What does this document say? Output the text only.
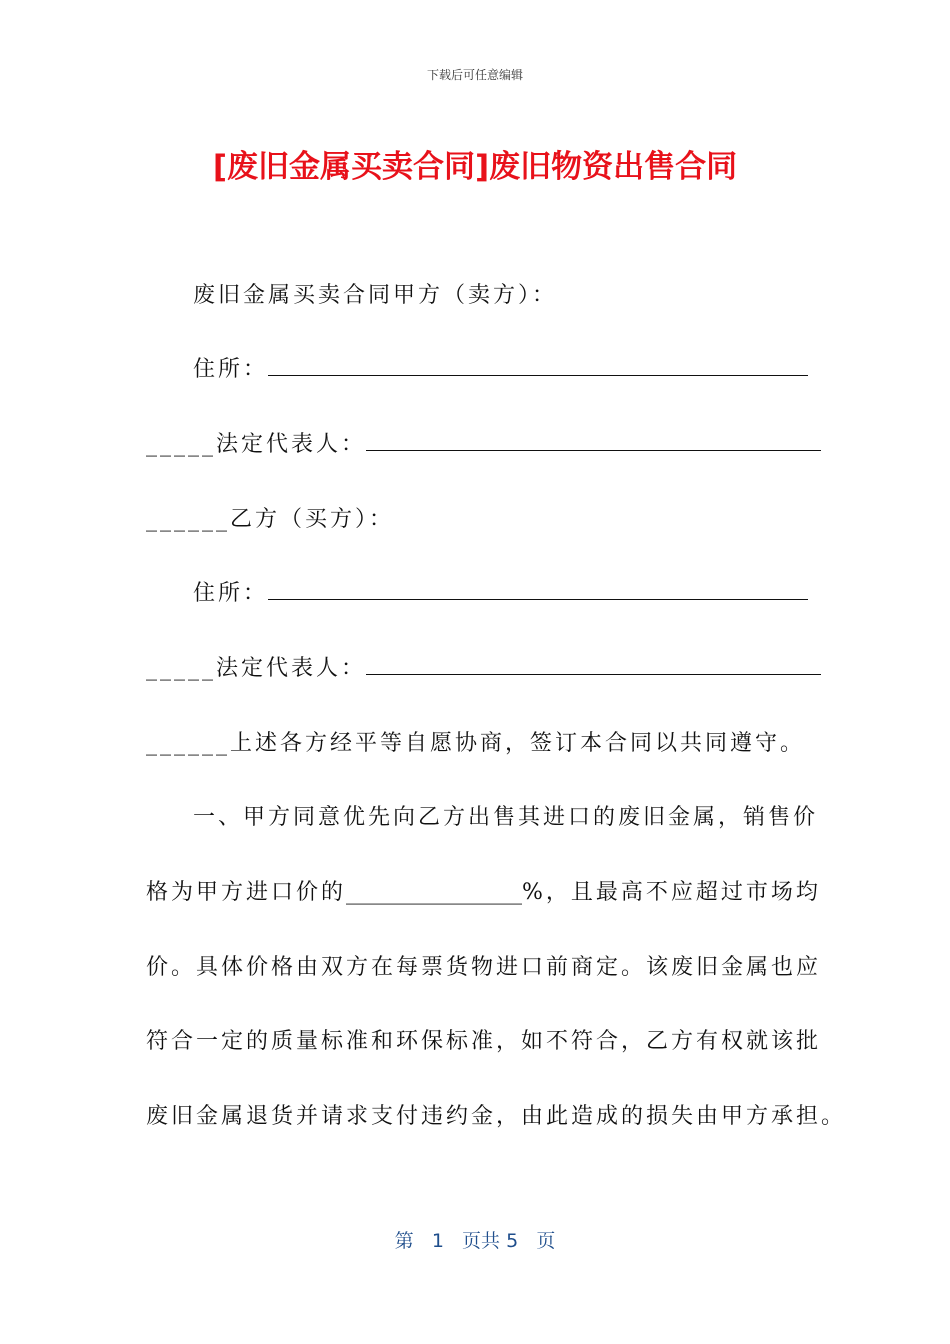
下载后可任意编辑
[废旧金属买卖合同]废旧物资出售合同
废旧金属买卖合同甲方（卖方）：
住所：
_____法定代表人：
______乙方（买方）：
住所：
_____法定代表人：
______上述各方经平等自愿协商，签订本合同以共同遵守。
一、甲方同意优先向乙方出售其进口的废旧金属，销售价
格为甲方进口价的________________%，且最高不应超过市场均
价。具体价格由双方在每票货物进口前商定。该废旧金属也应
符合一定的质量标准和环保标准，如不符合，乙方有权就该批
废旧金属退货并请求支付违约金，由此造成的损失由甲方承担。
第 1 页共 5 页
